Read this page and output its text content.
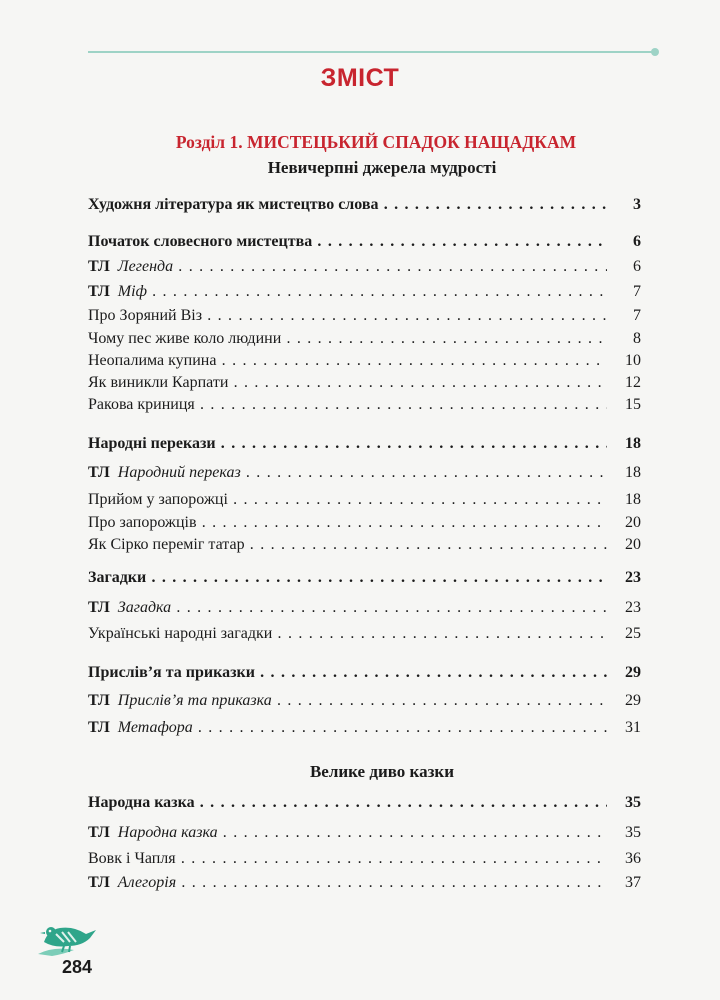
ЗМІСТ
Розділ 1. МИСТЕЦЬКИЙ СПАДОК НАЩАДКАМ
Невичерпні джерела мудрості
Художня література як мистецтво слова . . .	3
Початок словесного мистецтва . . .	6
ТЛ Легенда . . .	6
ТЛ Міф . . .	7
Про Зоряний Віз . . .	7
Чому пес живе коло людини . . .	8
Неопалима купина . . .	10
Як виникли Карпати . . .	12
Ракова криниця . . .	15
Народні перекази . . .	18
ТЛ Народний переказ . . .	18
Прийом у запорожці . . .	18
Про запорожців . . .	20
Як Сірко переміг татар . . .	20
Загадки . . .	23
ТЛ Загадка . . .	23
Українські народні загадки . . .	25
Прислів’я та приказки . . .	29
ТЛ Прислів’я та приказка . . .	29
ТЛ Метафора . . .	31
Велике диво казки
Народна казка . . .	35
ТЛ Народна казка . . .	35
Вовк і Чапля . . .	36
ТЛ Алегорія . . .	37
284
